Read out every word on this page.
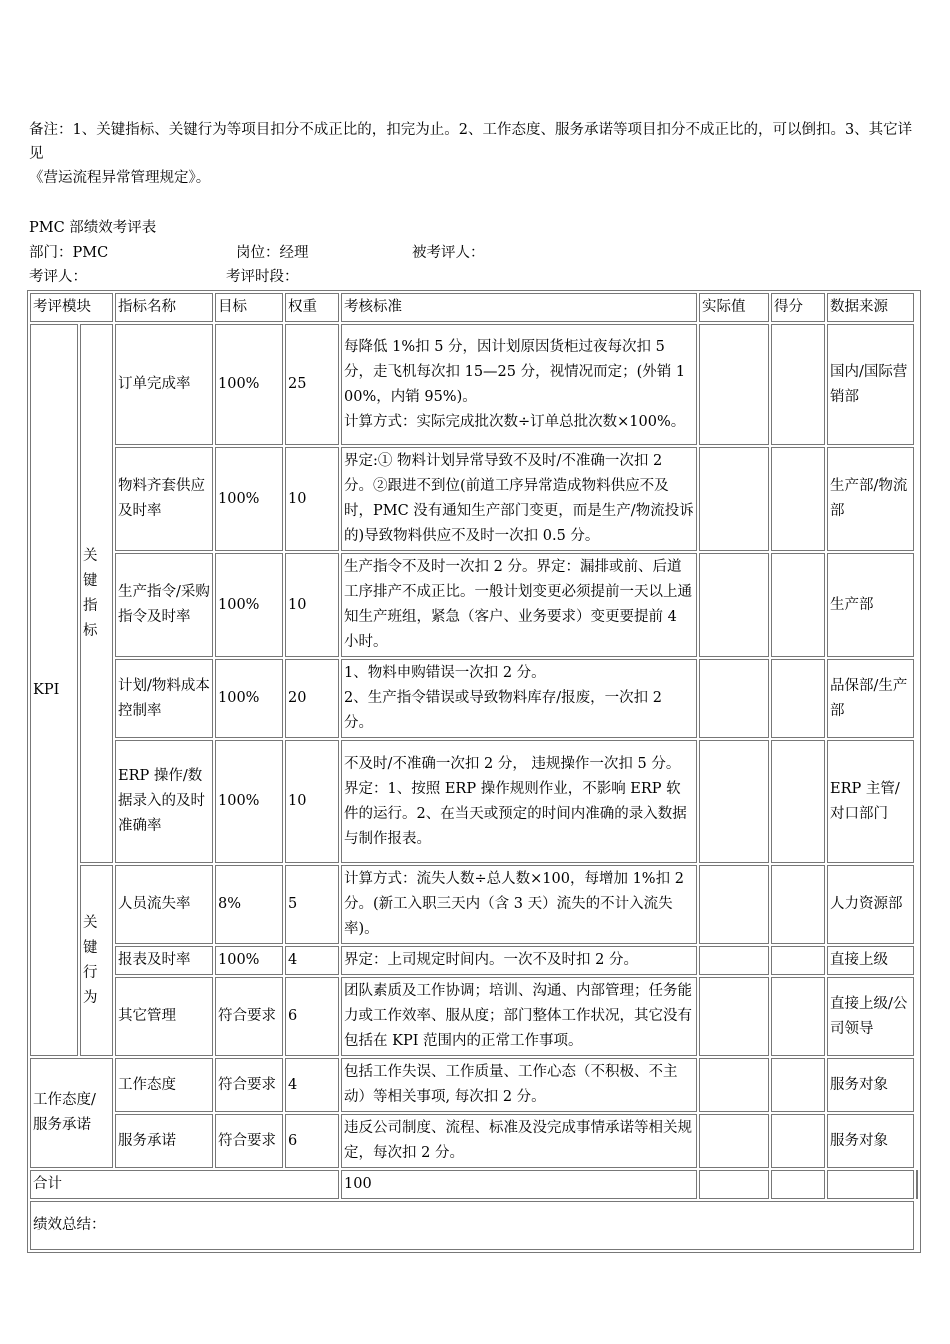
备注：1、关键指标、关键行为等项目扣分不成正比的，扣完为止。2、工作态度、服务承诺等项目扣分不成正比的，可以倒扣。3、其它详见
《营运流程异常管理规定》。
PMC 部绩效考评表
部门：PMC	岗位：经理	被考评人：
考评人：	考评时段：
考评模块		指标名称	目标	权重	考核标准	实际值	得分	数据来源	
KPI	关键指标	订单完成率	100%	25	每降低 1%扣 5 分，因计划原因货柜过夜每次扣 5 分，走飞机每次扣 15—25 分，视情况而定；(外销 100%，内销 95%)。
计算方式：实际完成批次数÷订单总批次数×100%。			国内/国际营销部	
		物料齐套供应及时率	100%	10	界定:① 物料计划异常导致不及时/不准确一次扣 2 分。②跟进不到位(前道工序异常造成物料供应不及时，PMC 没有通知生产部门变更，而是生产/物流投诉的)导致物料供应不及时一次扣 0.5 分。			生产部/物流部	
		生产指令/采购指令及时率	100%	10	生产指令不及时一次扣 2 分。界定：漏排或前、后道工序排产不成正比。一般计划变更必须提前一天以上通知生产班组，紧急（客户、业务要求）变更要提前 4 小时。			生产部	
		计划/物料成本控制率	100%	20	1、物料申购错误一次扣 2 分。
2、生产指令错误或导致物料库存/报废，一次扣 2 分。			品保部/生产部	
		ERP 操作/数据录入的及时准确率	100%	10	不及时/不准确一次扣 2 分， 违规操作一次扣 5 分。
界定：1、按照 ERP 操作规则作业，不影响 ERP 软件的运行。2、在当天或预定的时间内准确的录入数据与制作报表。			ERP 主管/对口部门	
	关键行为	人员流失率	8%	5	计算方式：流失人数÷总人数×100，每增加 1%扣 2 分。(新工入职三天内（含 3 天）流失的不计入流失率)。			人力资源部	
		报表及时率	100%	4	界定：上司规定时间内。一次不及时扣 2 分。			直接上级	
		其它管理	符合要求	6	团队素质及工作协调；培训、沟通、内部管理；任务能力或工作效率、服从度；部门整体工作状况，其它没有包括在 KPI 范围内的正常工作事项。			直接上级/公司领导	
工作态度/服务承诺		工作态度	符合要求	4	包括工作失误、工作质量、工作心态（不积极、不主动）等相关事项, 每次扣 2 分。			服务对象	
		服务承诺	符合要求	6	违反公司制度、流程、标准及没完成事情承诺等相关规定，每次扣 2 分。			服务对象	
合计					100				
绩效总结：									
